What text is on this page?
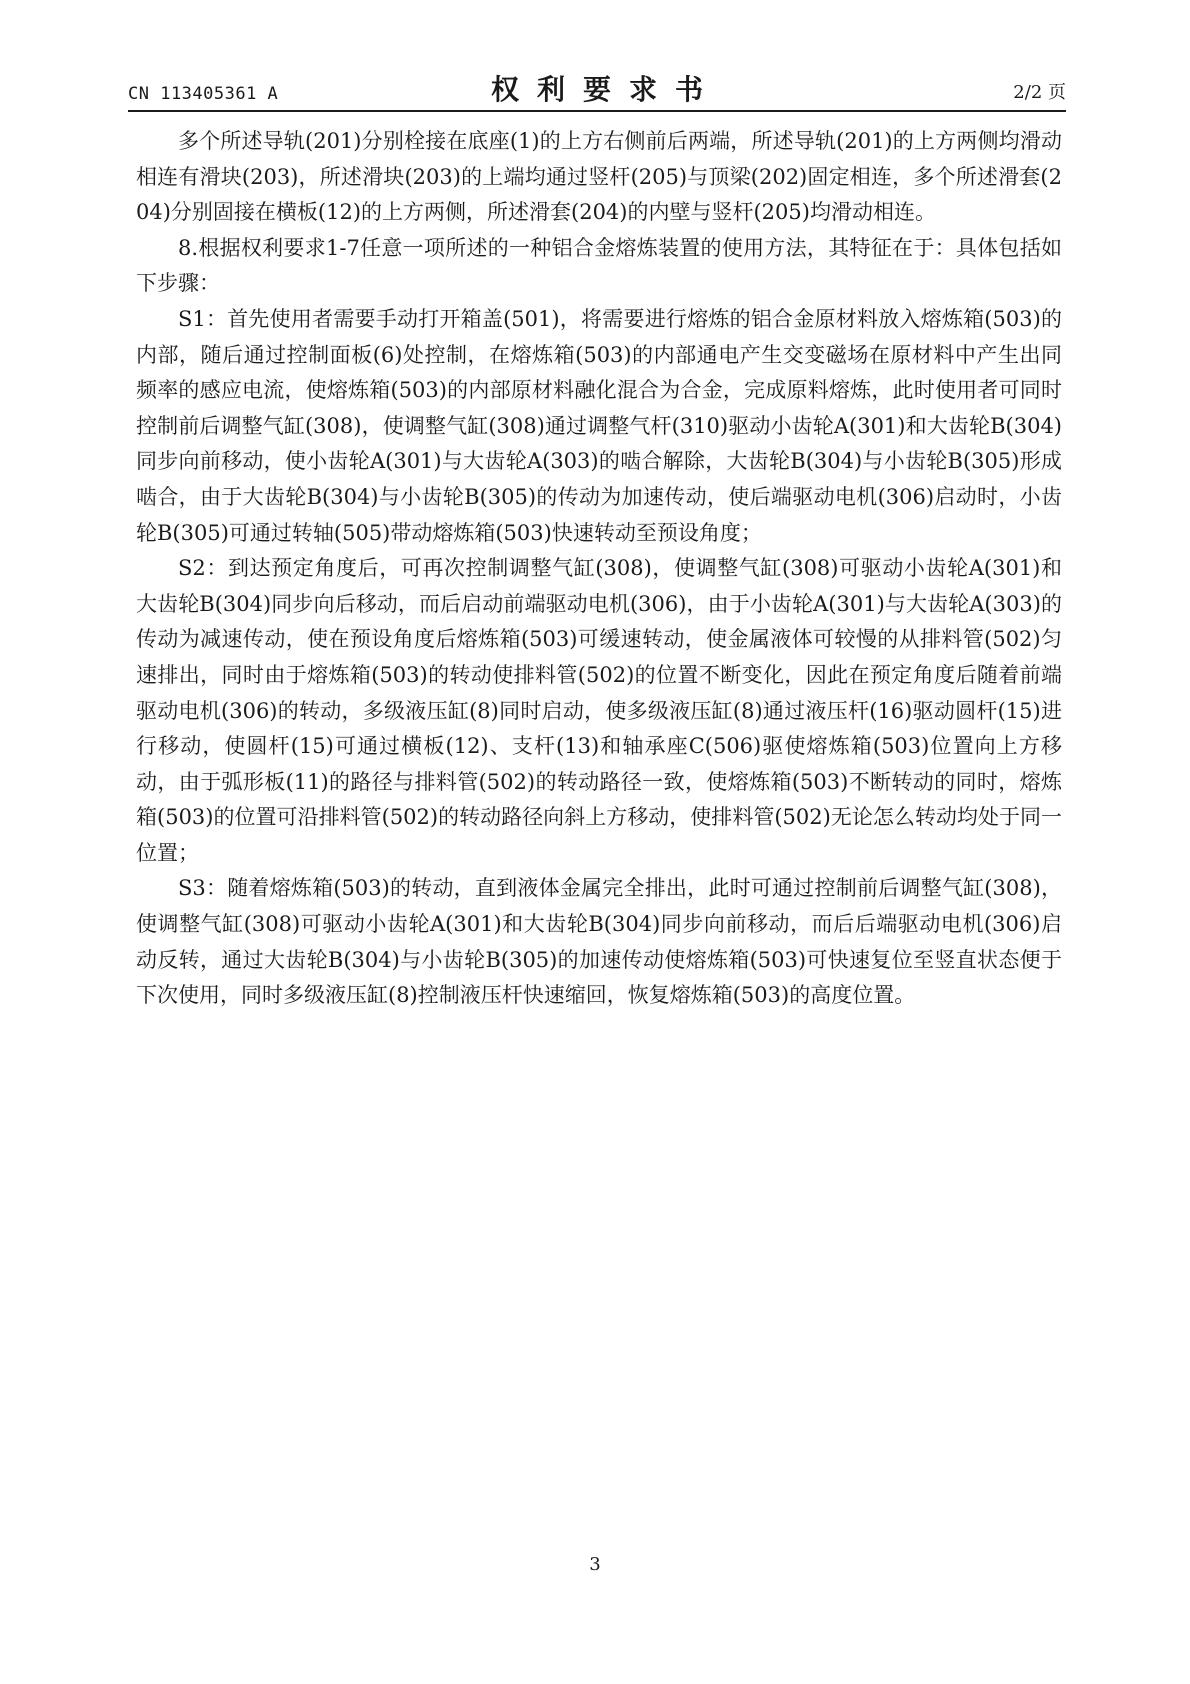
CN 113405361 A	权利要求书	2/2 页

多个所述导轨(201)分别栓接在底座(1)的上方右侧前后两端，所述导轨(201)的上方两侧均滑动相连有滑块(203)，所述滑块(203)的上端均通过竖杆(205)与顶梁(202)固定相连，多个所述滑套(204)分别固接在横板(12)的上方两侧，所述滑套(204)的内壁与竖杆(205)均滑动相连。

8.根据权利要求1-7任意一项所述的一种铝合金熔炼装置的使用方法，其特征在于：具体包括如下步骤：

S1：首先使用者需要手动打开箱盖(501)，将需要进行熔炼的铝合金原材料放入熔炼箱(503)的内部，随后通过控制面板(6)处控制，在熔炼箱(503)的内部通电产生交变磁场在原材料中产生出同频率的感应电流，使熔炼箱(503)的内部原材料融化混合为合金，完成原料熔炼，此时使用者可同时控制前后调整气缸(308)，使调整气缸(308)通过调整气杆(310)驱动小齿轮A(301)和大齿轮B(304)同步向前移动，使小齿轮A(301)与大齿轮A(303)的啮合解除，大齿轮B(304)与小齿轮B(305)形成啮合，由于大齿轮B(304)与小齿轮B(305)的传动为加速传动，使后端驱动电机(306)启动时，小齿轮B(305)可通过转轴(505)带动熔炼箱(503)快速转动至预设角度；

S2：到达预定角度后，可再次控制调整气缸(308)，使调整气缸(308)可驱动小齿轮A(301)和大齿轮B(304)同步向后移动，而后启动前端驱动电机(306)，由于小齿轮A(301)与大齿轮A(303)的传动为减速传动，使在预设角度后熔炼箱(503)可缓速转动，使金属液体可较慢的从排料管(502)匀速排出，同时由于熔炼箱(503)的转动使排料管(502)的位置不断变化，因此在预定角度后随着前端驱动电机(306)的转动，多级液压缸(8)同时启动，使多级液压缸(8)通过液压杆(16)驱动圆杆(15)进行移动，使圆杆(15)可通过横板(12)、支杆(13)和轴承座C(506)驱使熔炼箱(503)位置向上方移动，由于弧形板(11)的路径与排料管(502)的转动路径一致，使熔炼箱(503)不断转动的同时，熔炼箱(503)的位置可沿排料管(502)的转动路径向斜上方移动，使排料管(502)无论怎么转动均处于同一位置；

S3：随着熔炼箱(503)的转动，直到液体金属完全排出，此时可通过控制前后调整气缸(308)，使调整气缸(308)可驱动小齿轮A(301)和大齿轮B(304)同步向前移动，而后后端驱动电机(306)启动反转，通过大齿轮B(304)与小齿轮B(305)的加速传动使熔炼箱(503)可快速复位至竖直状态便于下次使用，同时多级液压缸(8)控制液压杆快速缩回，恢复熔炼箱(503)的高度位置。

3
